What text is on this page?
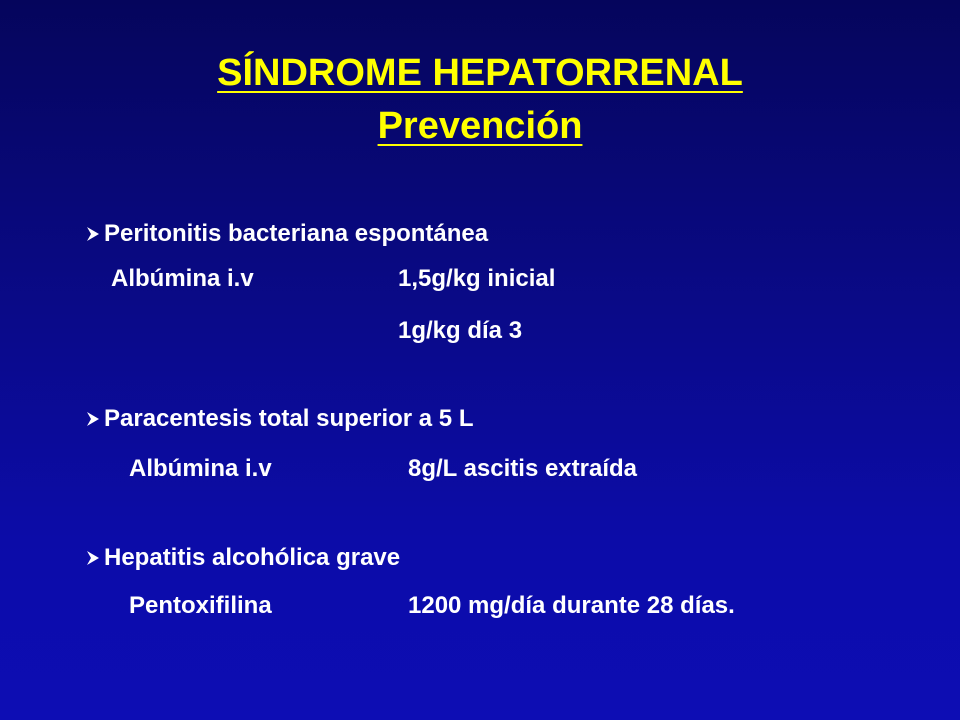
SÍNDROME HEPATORRENAL
Prevención
Peritonitis bacteriana espontánea
Albúmina i.v	1,5g/kg inicial
1g/kg día 3
Paracentesis total superior a 5 L
Albúmina i.v	8g/L ascitis extraída
Hepatitis alcohólica grave
Pentoxifilina	1200 mg/día durante 28 días.
